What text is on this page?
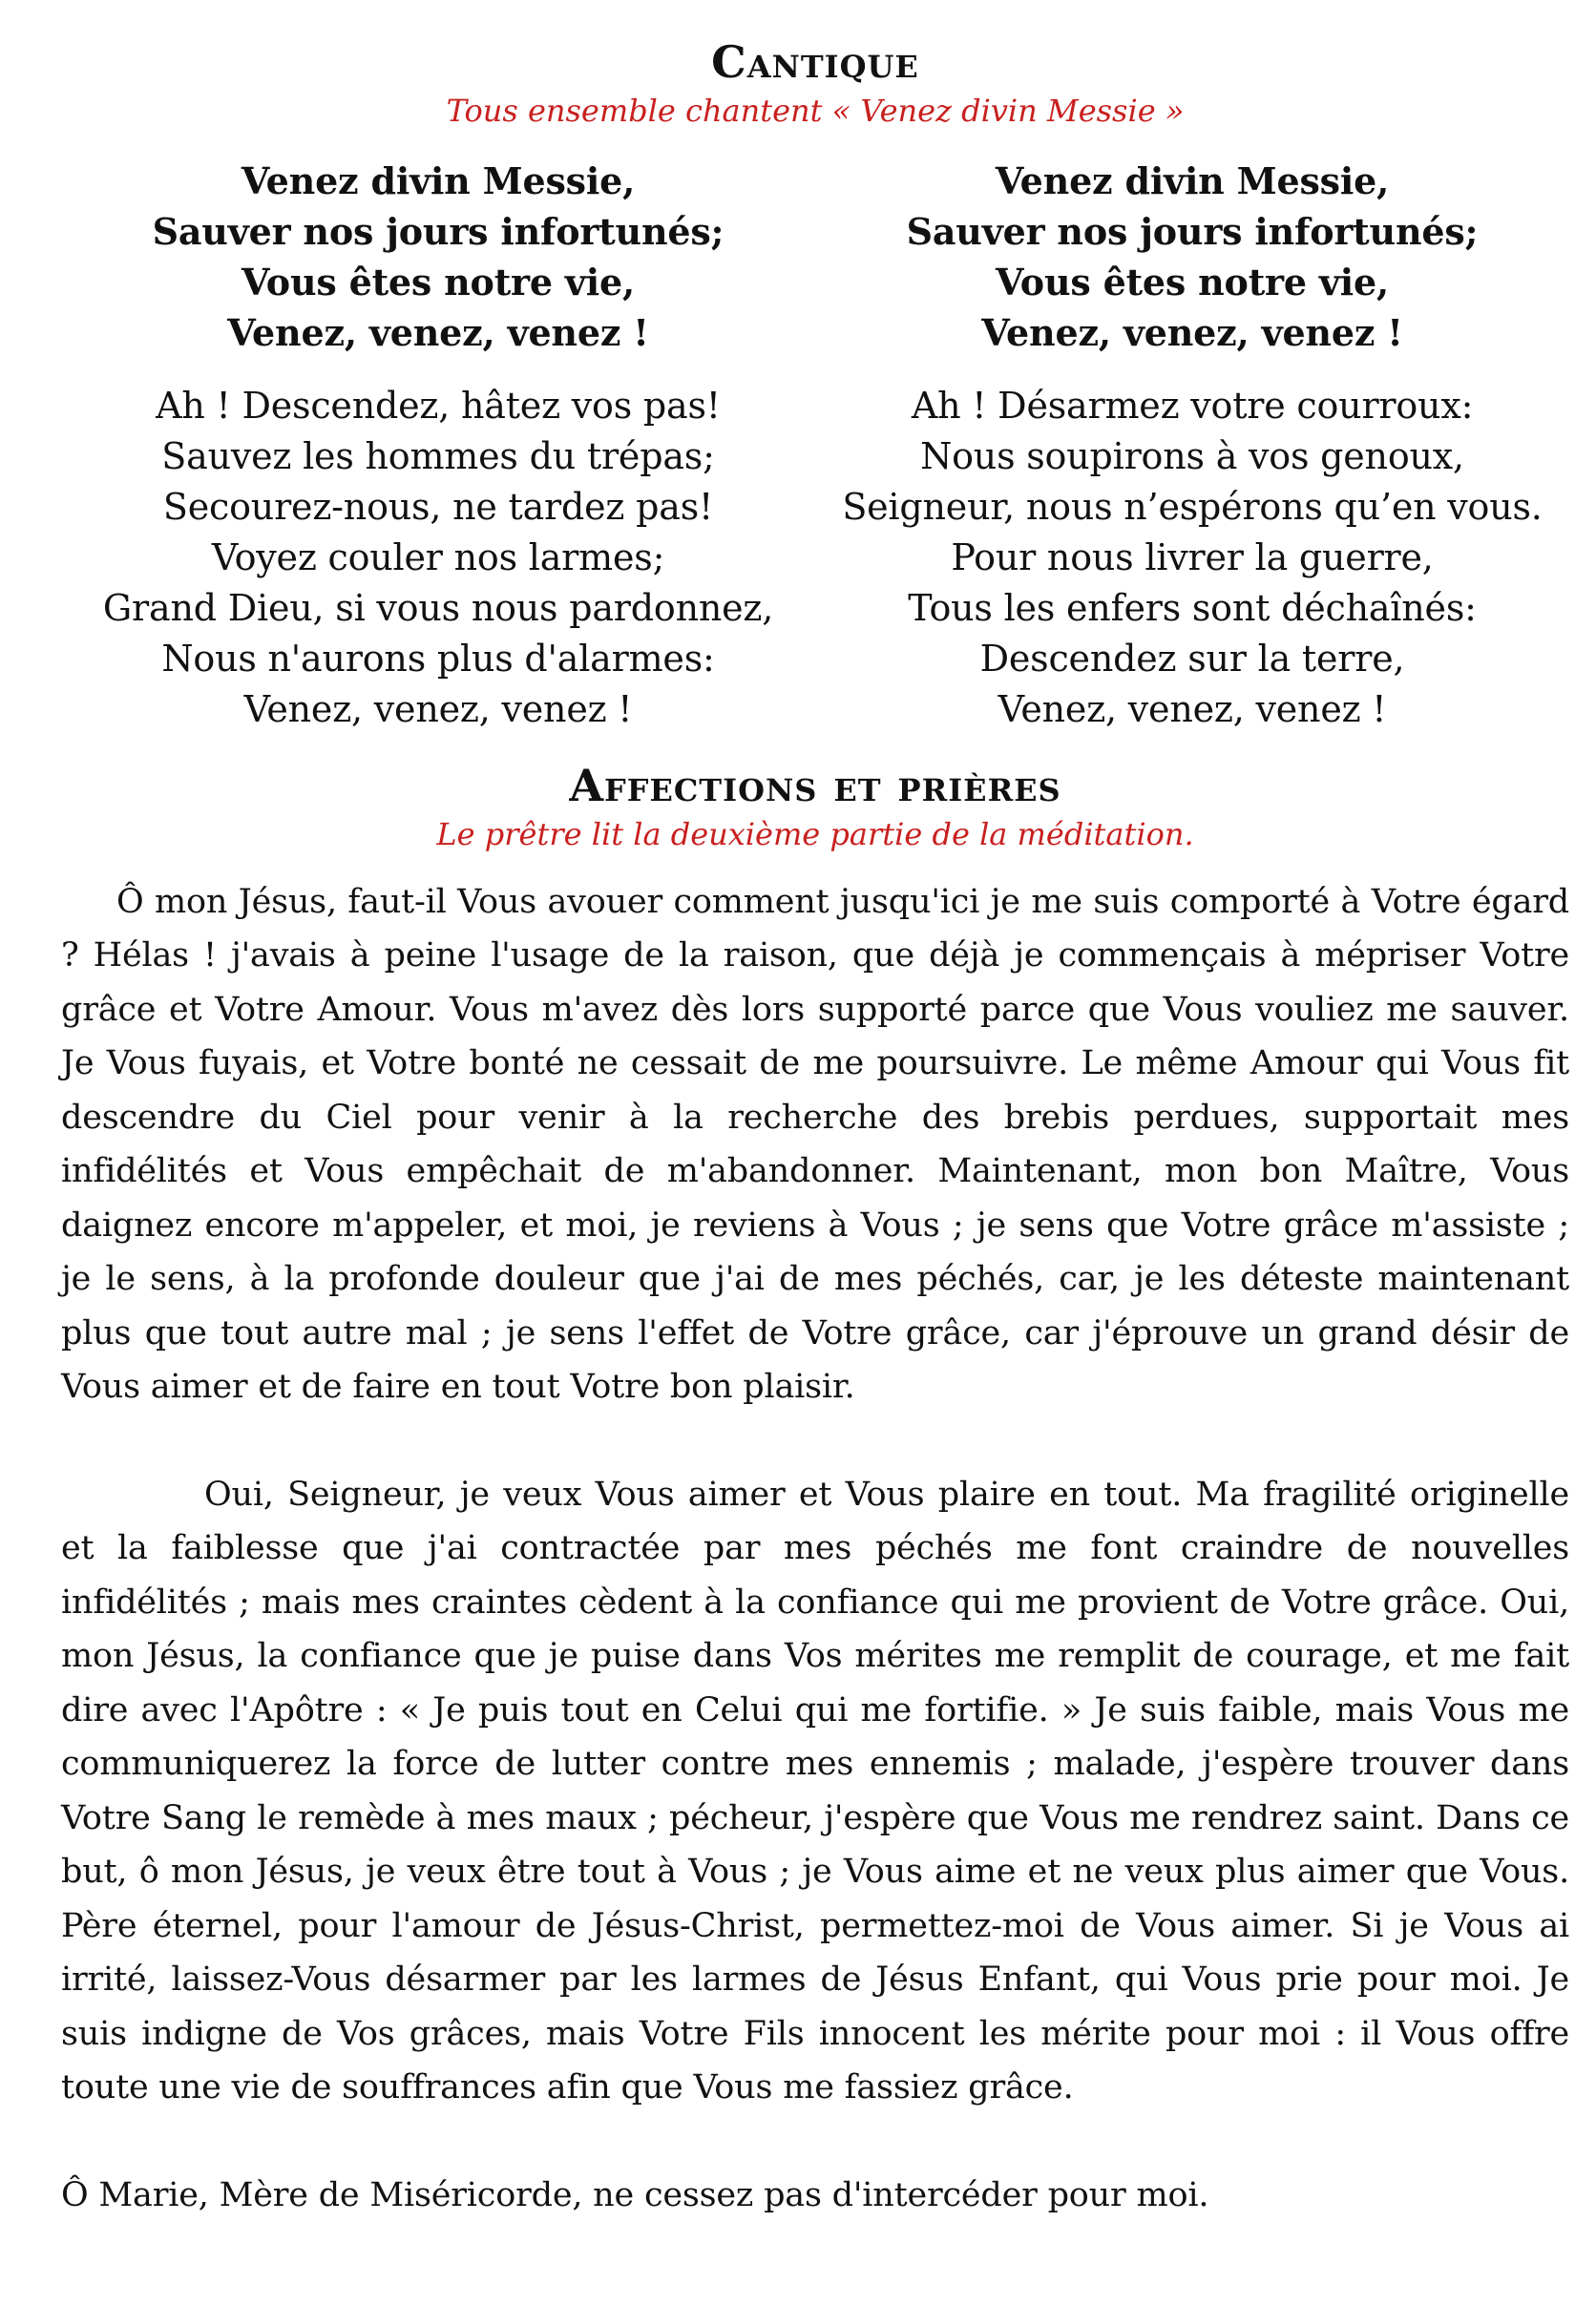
Cantique

Tous ensemble chantent « Venez divin Messie »

Venez divin Messie,
Sauver nos jours infortunés;
Vous êtes notre vie,
Venez, venez, venez !

Ah ! Descendez, hâtez vos pas!
Sauvez les hommes du trépas;
Secourez-nous, ne tardez pas!
Voyez couler nos larmes;
Grand Dieu, si vous nous pardonnez,
Nous n'aurons plus d'alarmes:
Venez, venez, venez !

Venez divin Messie,
Sauver nos jours infortunés;
Vous êtes notre vie,
Venez, venez, venez !

Ah ! Désarmez votre courroux:
Nous soupirons à vos genoux,
Seigneur, nous n’espérons qu’en vous.
Pour nous livrer la guerre,
Tous les enfers sont déchaînés:
Descendez sur la terre,
Venez, venez, venez !

Affections et prières

Le prêtre lit la deuxième partie de la méditation.

Ô mon Jésus, faut-il Vous avouer comment jusqu'ici je me suis comporté à Votre égard ? Hélas ! j'avais à peine l'usage de la raison, que déjà je commençais à mépriser Votre grâce et Votre Amour. Vous m'avez dès lors supporté parce que Vous vouliez me sauver. Je Vous fuyais, et Votre bonté ne cessait de me poursuivre. Le même Amour qui Vous fit descendre du Ciel pour venir à la recherche des brebis perdues, supportait mes infidélités et Vous empêchait de m'abandonner. Maintenant, mon bon Maître, Vous daignez encore m'appeler, et moi, je reviens à Vous ; je sens que Votre grâce m'assiste ; je le sens, à la profonde douleur que j'ai de mes péchés, car, je les déteste maintenant plus que tout autre mal ; je sens l'effet de Votre grâce, car j'éprouve un grand désir de Vous aimer et de faire en tout Votre bon plaisir.

Oui, Seigneur, je veux Vous aimer et Vous plaire en tout. Ma fragilité originelle et la faiblesse que j'ai contractée par mes péchés me font craindre de nouvelles infidélités ; mais mes craintes cèdent à la confiance qui me provient de Votre grâce. Oui, mon Jésus, la confiance que je puise dans Vos mérites me remplit de courage, et me fait dire avec l'Apôtre : « Je puis tout en Celui qui me fortifie. » Je suis faible, mais Vous me communiquerez la force de lutter contre mes ennemis ; malade, j'espère trouver dans Votre Sang le remède à mes maux ; pécheur, j'espère que Vous me rendrez saint. Dans ce but, ô mon Jésus, je veux être tout à Vous ; je Vous aime et ne veux plus aimer que Vous. Père éternel, pour l'amour de Jésus-Christ, permettez-moi de Vous aimer. Si je Vous ai irrité, laissez-Vous désarmer par les larmes de Jésus Enfant, qui Vous prie pour moi. Je suis indigne de Vos grâces, mais Votre Fils innocent les mérite pour moi : il Vous offre toute une vie de souffrances afin que Vous me fassiez grâce.

Ô Marie, Mère de Miséricorde, ne cessez pas d'intercéder pour moi.
